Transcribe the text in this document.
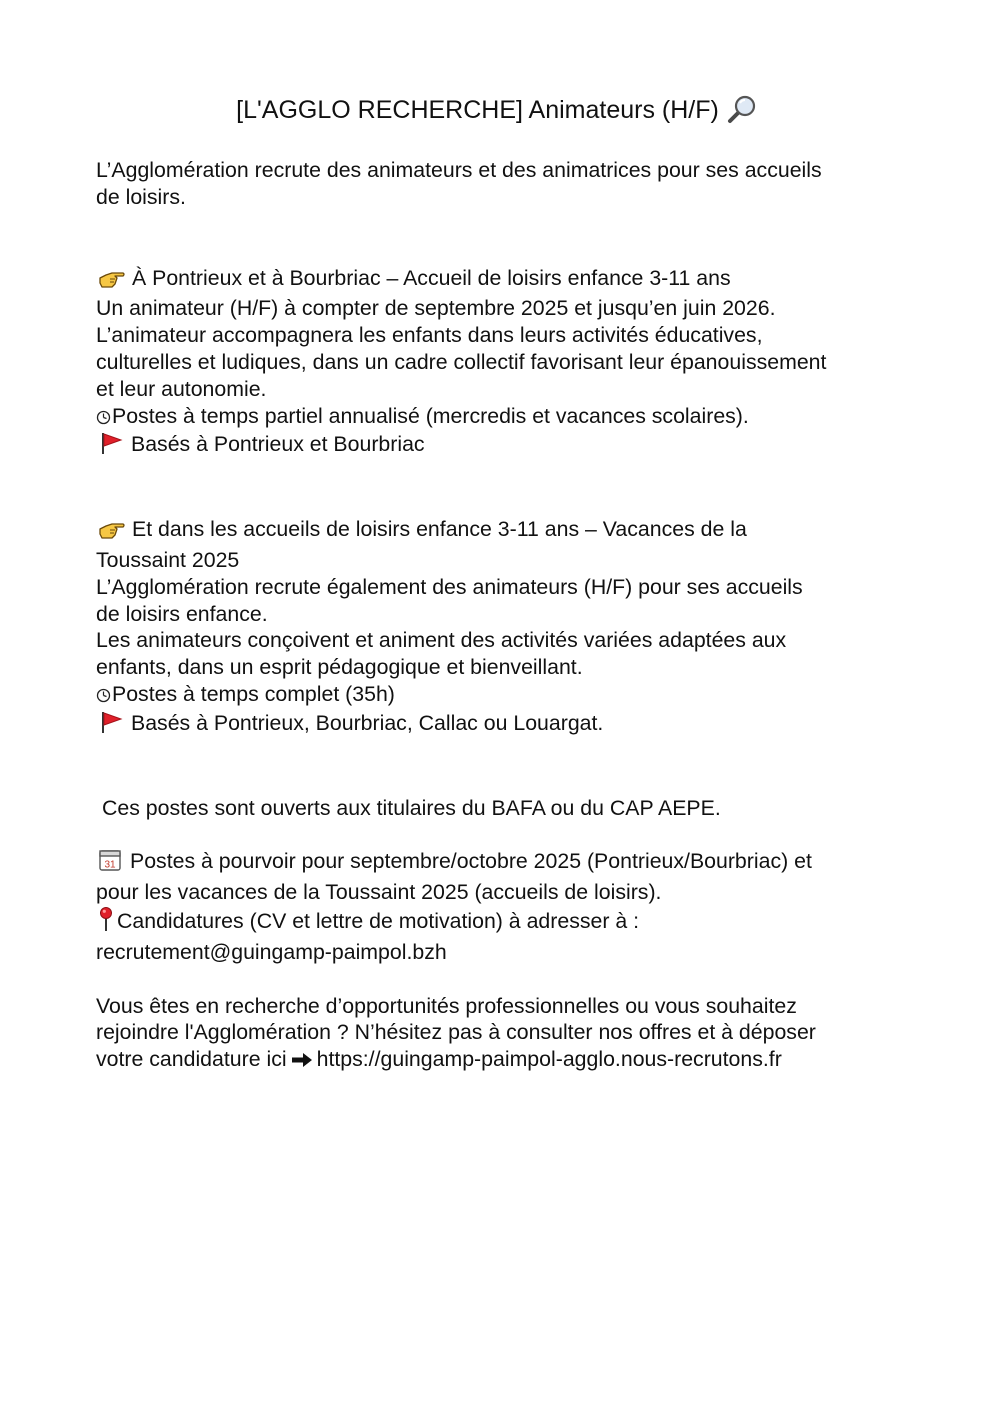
[L'AGGLO RECHERCHE] Animateurs (H/F)

L’Agglomération recrute des animateurs et des animatrices pour ses accueils

de loisirs.

À Pontrieux et à Bourbriac – Accueil de loisirs enfance 3-11 ans

Un animateur (H/F) à compter de septembre 2025 et jusqu’en juin 2026.

L’animateur accompagnera les enfants dans leurs activités éducatives,

culturelles et ludiques, dans un cadre collectif favorisant leur épanouissement

et leur autonomie.

Postes à temps partiel annualisé (mercredis et vacances scolaires).

Basés à Pontrieux et Bourbriac

Et dans les accueils de loisirs enfance 3-11 ans – Vacances de la

Toussaint 2025

L’Agglomération recrute également des animateurs (H/F) pour ses accueils

de loisirs enfance.

Les animateurs conçoivent et animent des activités variées adaptées aux

enfants, dans un esprit pédagogique et bienveillant.

Postes à temps complet (35h)

Basés à Pontrieux, Bourbriac, Callac ou Louargat.

Ces postes sont ouverts aux titulaires du BAFA ou du CAP AEPE.

31 Postes à pourvoir pour septembre/octobre 2025 (Pontrieux/Bourbriac) et

pour les vacances de la Toussaint 2025 (accueils de loisirs).

Candidatures (CV et lettre de motivation) à adresser à :

recrutement@guingamp-paimpol.bzh

Vous êtes en recherche d’opportunités professionnelles ou vous souhaitez

rejoindre l'Agglomération ? N’hésitez pas à consulter nos offres et à déposer

votre candidature ici https://guingamp-paimpol-agglo.nous-recrutons.fr
